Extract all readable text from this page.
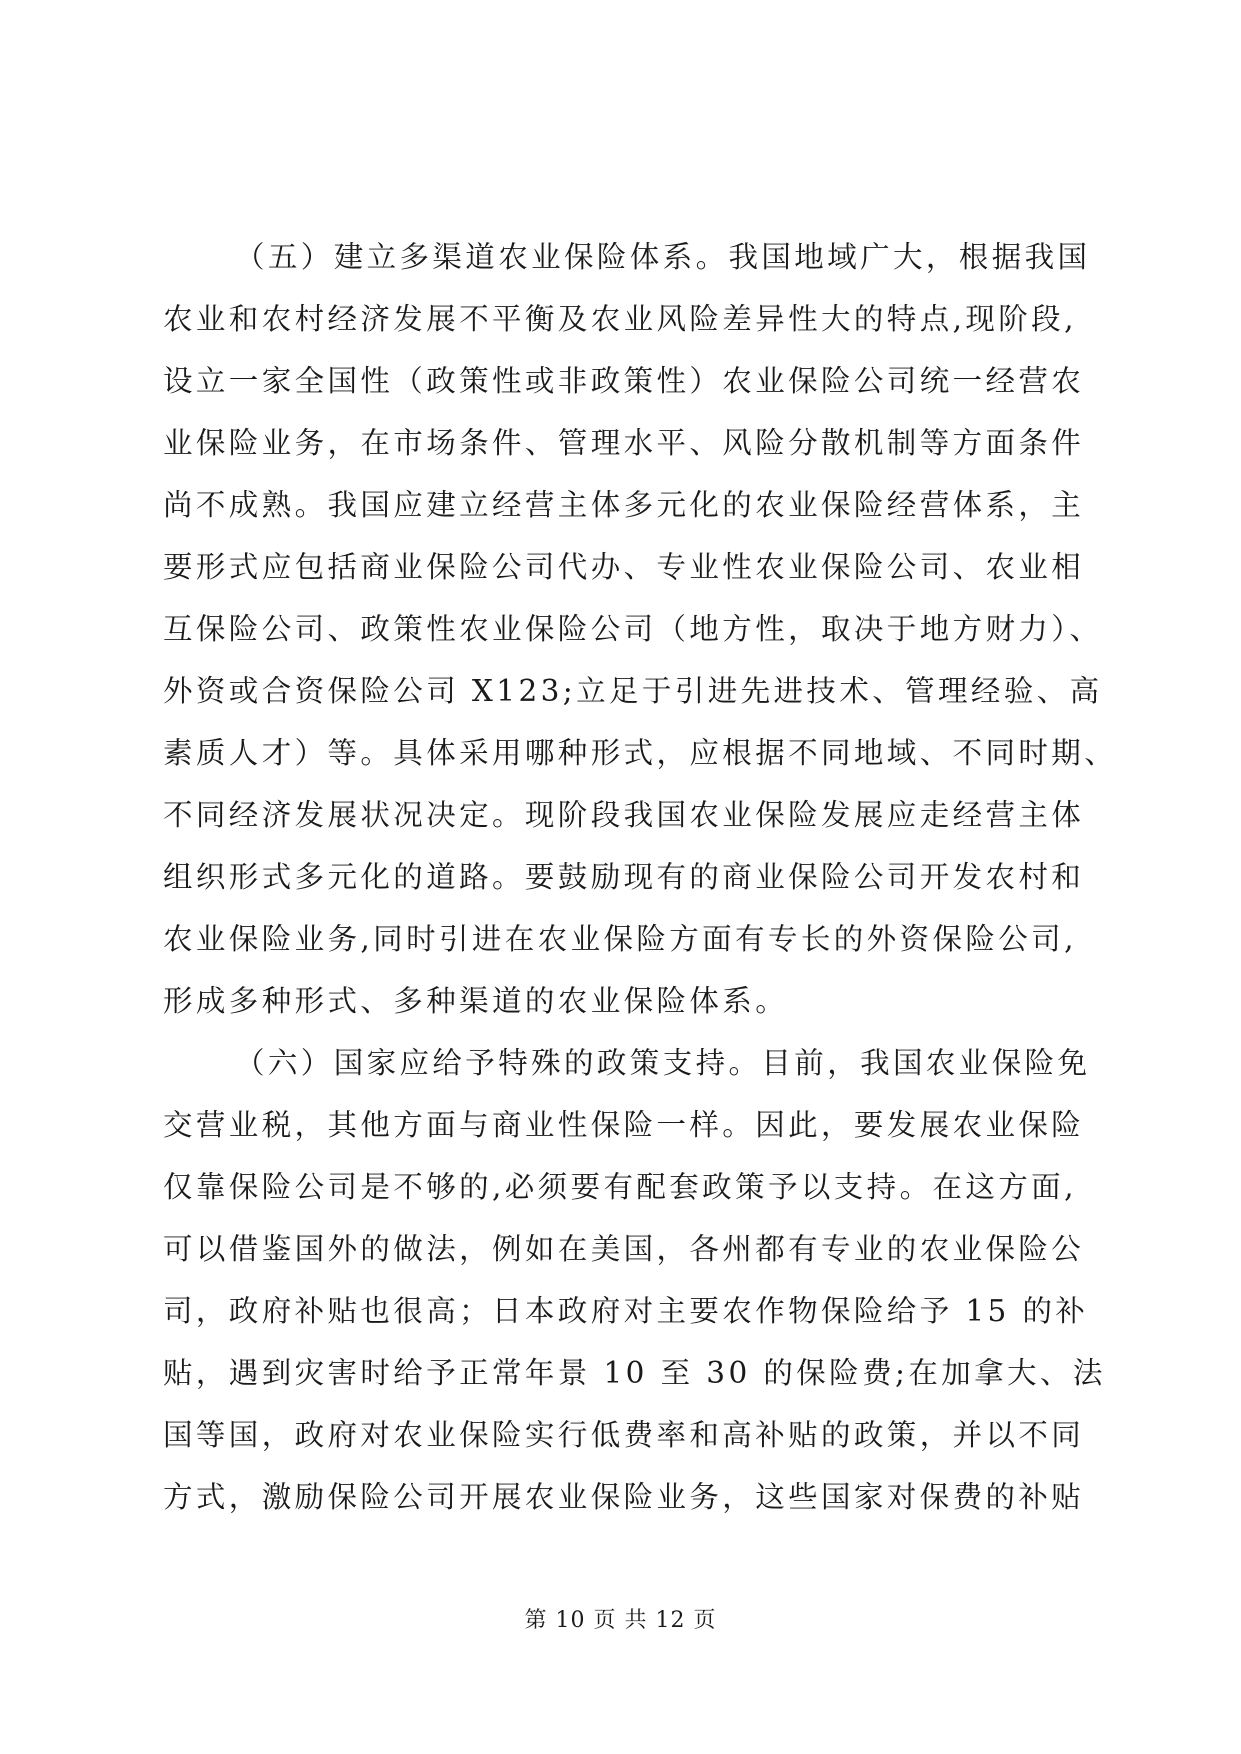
（五）建立多渠道农业保险体系。我国地域广大，根据我国
农业和农村经济发展不平衡及农业风险差异性大的特点,现阶段,
设立一家全国性（政策性或非政策性）农业保险公司统一经营农
业保险业务，在市场条件、管理水平、风险分散机制等方面条件
尚不成熟。我国应建立经营主体多元化的农业保险经营体系，主
要形式应包括商业保险公司代办、专业性农业保险公司、农业相
互保险公司、政策性农业保险公司（地方性，取决于地方财力）、
外资或合资保险公司 X123;立足于引进先进技术、管理经验、高
素质人才）等。具体采用哪种形式，应根据不同地域、不同时期、
不同经济发展状况决定。现阶段我国农业保险发展应走经营主体
组织形式多元化的道路。要鼓励现有的商业保险公司开发农村和
农业保险业务,同时引进在农业保险方面有专长的外资保险公司,
形成多种形式、多种渠道的农业保险体系。
（六）国家应给予特殊的政策支持。目前，我国农业保险免
交营业税，其他方面与商业性保险一样。因此，要发展农业保险
仅靠保险公司是不够的,必须要有配套政策予以支持。在这方面,
可以借鉴国外的做法，例如在美国，各州都有专业的农业保险公
司，政府补贴也很高；日本政府对主要农作物保险给予 15 的补
贴，遇到灾害时给予正常年景 10 至 30 的保险费;在加拿大、法
国等国，政府对农业保险实行低费率和高补贴的政策，并以不同
方式，激励保险公司开展农业保险业务，这些国家对保费的补贴
第 10 页 共 12 页
